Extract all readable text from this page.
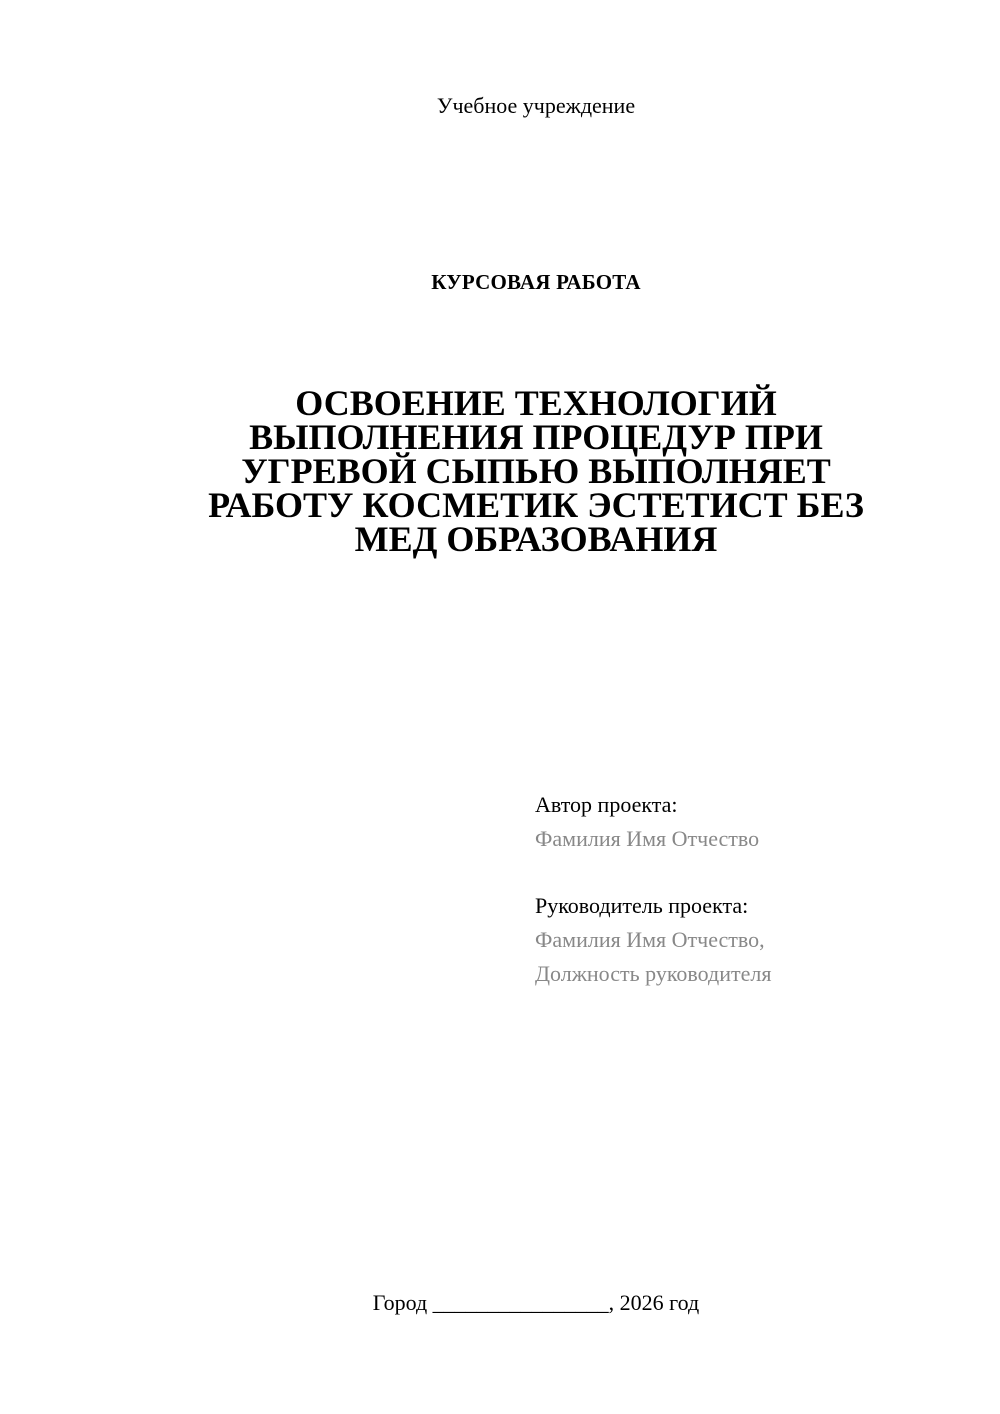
Учебное учреждение
КУРСОВАЯ РАБОТА
ОСВОЕНИЕ ТЕХНОЛОГИЙ
ВЫПОЛНЕНИЯ ПРОЦЕДУР ПРИ
УГРЕВОЙ СЫПЬЮ ВЫПОЛНЯЕТ
РАБОТУ КОСМЕТИК ЭСТЕТИСТ БЕЗ
МЕД ОБРАЗОВАНИЯ
Автор проекта:
Фамилия Имя Отчество
Руководитель проекта:
Фамилия Имя Отчество,
Должность руководителя
Город ________________, 2026 год
